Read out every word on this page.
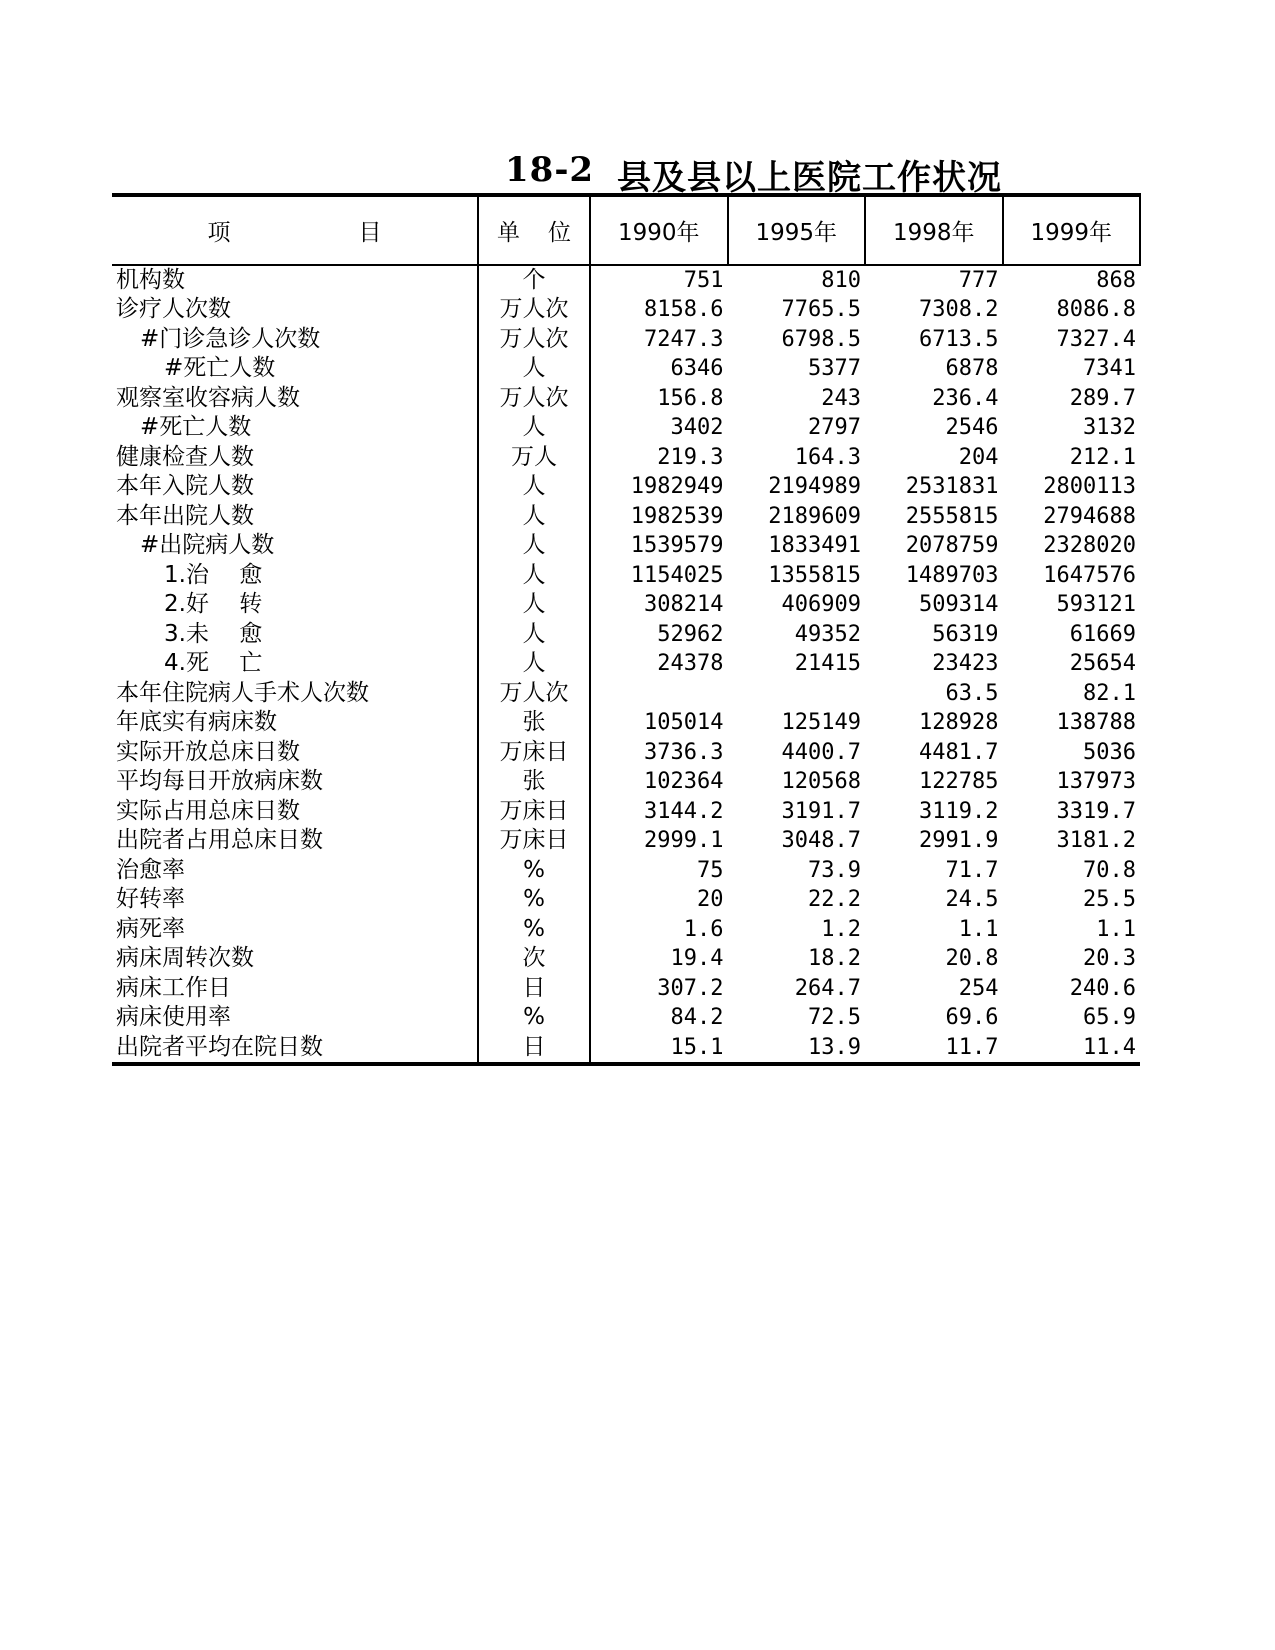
18-2 县及县以上医院工作状况
项 目	单 位	1990年	1995年	1998年	1999年
机构数	个	751	810	777	868
诊疗人次数	万人次	8158.6	7765.5	7308.2	8086.8
#门诊急诊人次数	万人次	7247.3	6798.5	6713.5	7327.4
#死亡人数	人	6346	5377	6878	7341
观察室收容病人数	万人次	156.8	243	236.4	289.7
#死亡人数	人	3402	2797	2546	3132
健康检查人数	万人	219.3	164.3	204	212.1
本年入院人数	人	1982949	2194989	2531831	2800113
本年出院人数	人	1982539	2189609	2555815	2794688
#出院病人数	人	1539579	1833491	2078759	2328020
1.治　 愈	人	1154025	1355815	1489703	1647576
2.好　 转	人	308214	406909	509314	593121
3.未　 愈	人	52962	49352	56319	61669
4.死　 亡	人	24378	21415	23423	25654
本年住院病人手术人次数	万人次			63.5	82.1
年底实有病床数	张	105014	125149	128928	138788
实际开放总床日数	万床日	3736.3	4400.7	4481.7	5036
平均每日开放病床数	张	102364	120568	122785	137973
实际占用总床日数	万床日	3144.2	3191.7	3119.2	3319.7
出院者占用总床日数	万床日	2999.1	3048.7	2991.9	3181.2
治愈率	%	75	73.9	71.7	70.8
好转率	%	20	22.2	24.5	25.5
病死率	%	1.6	1.2	1.1	1.1
病床周转次数	次	19.4	18.2	20.8	20.3
病床工作日	日	307.2	264.7	254	240.6
病床使用率	%	84.2	72.5	69.6	65.9
出院者平均在院日数	日	15.1	13.9	11.7	11.4
